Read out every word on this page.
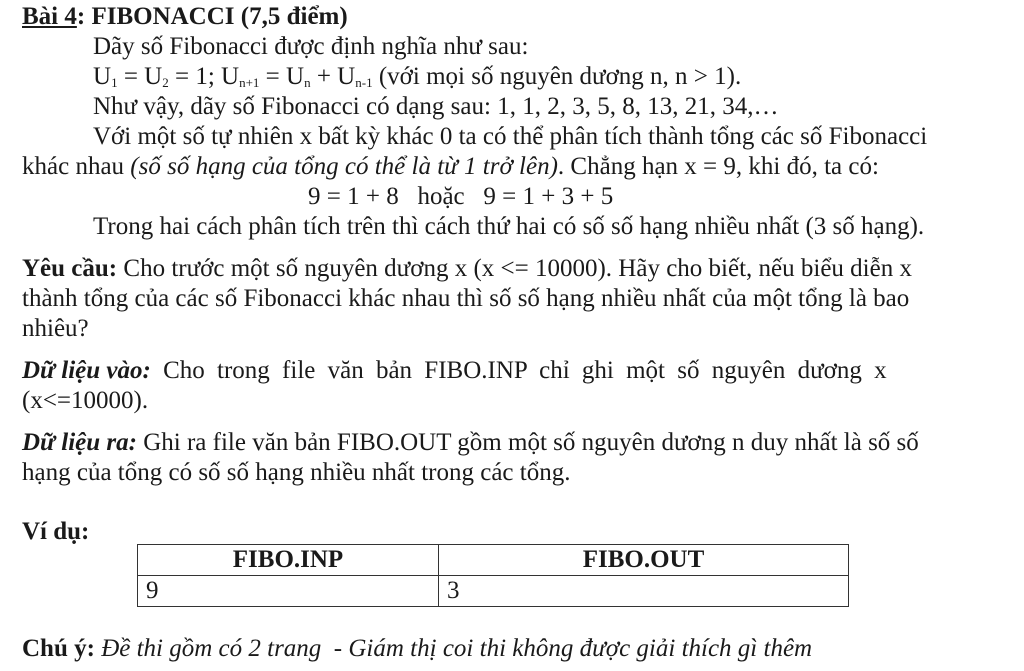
Bài 4: FIBONACCI (7,5 điểm)
Dãy số Fibonacci được định nghĩa như sau:
$U_1 = U_2 = 1$; $U_{n+1} = U_n + U_{n-1}$ (với mọi số nguyên dương n, n > 1).
Như vậy, dãy số Fibonacci có dạng sau: 1, 1, 2, 3, 5, 8, 13, 21, 34,…
Với một số tự nhiên x bất kỳ khác 0 ta có thể phân tích thành tổng các số Fibonacci
khác nhau (số số hạng của tổng có thể là từ 1 trở lên). Chẳng hạn x = 9, khi đó, ta có:
9 = 1 + 8   hoặc   9 = 1 + 3 + 5
Trong hai cách phân tích trên thì cách thứ hai có số số hạng nhiều nhất (3 số hạng).
Yêu cầu: Cho trước một số nguyên dương x (x <= 10000). Hãy cho biết, nếu biểu diễn x
thành tổng của các số Fibonacci khác nhau thì số số hạng nhiều nhất của một tổng là bao
nhiêu?
Dữ liệu vào: Cho trong file văn bản FIBO.INP chỉ ghi một số nguyên dương x
(x<=10000).
Dữ liệu ra: Ghi ra file văn bản FIBO.OUT gồm một số nguyên dương n duy nhất là số số
hạng của tổng có số số hạng nhiều nhất trong các tổng.
Ví dụ:
FIBO.INP	FIBO.OUT
9	3
Chú ý: Đề thi gồm có 2 trang  - Giám thị coi thi không được giải thích gì thêm
